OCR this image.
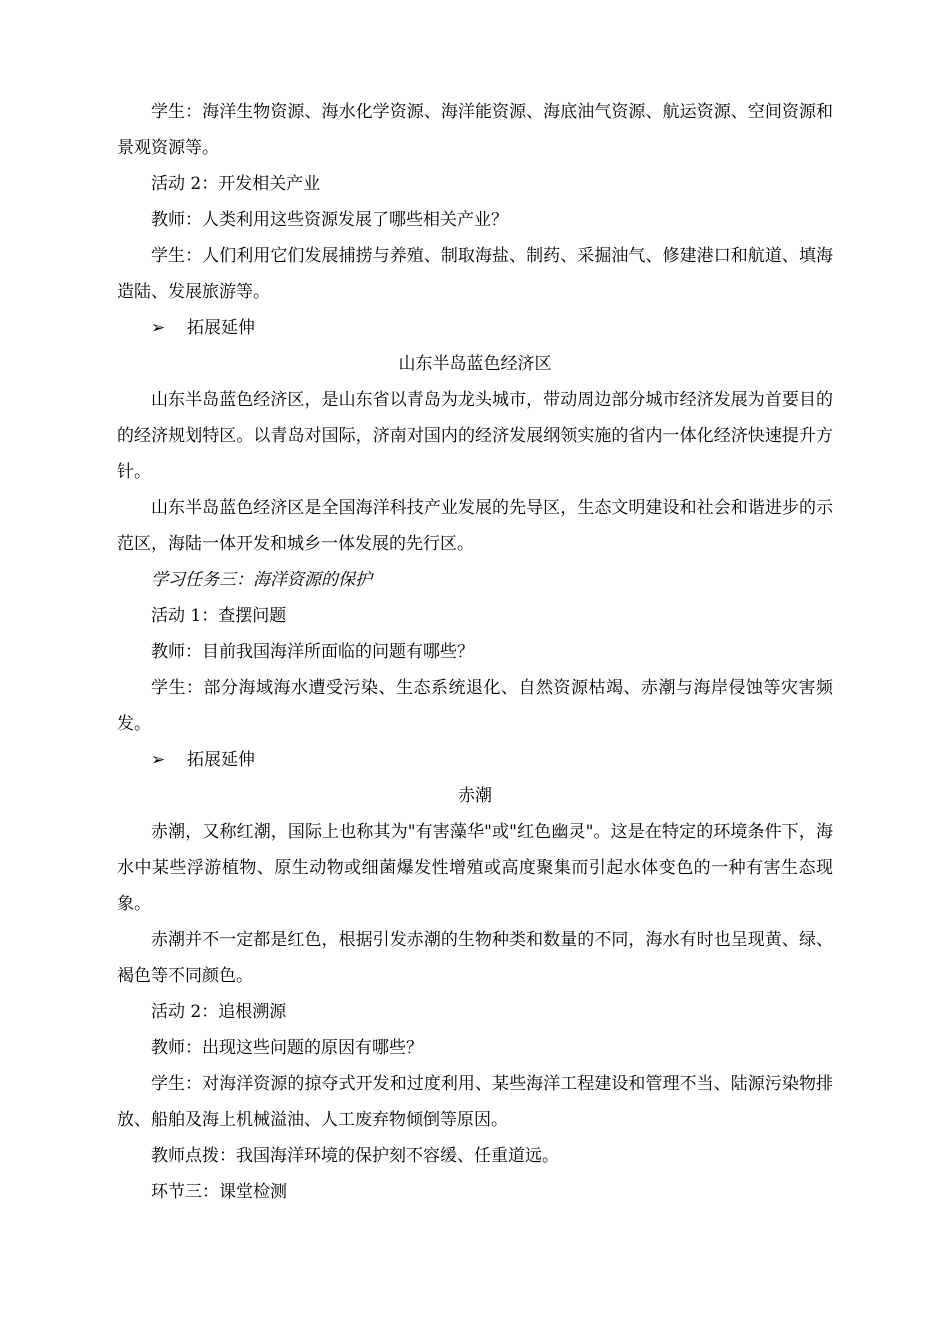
学生：海洋生物资源、海水化学资源、海洋能资源、海底油气资源、航运资源、空间资源和景观资源等。

活动 2：开发相关产业

教师：人类利用这些资源发展了哪些相关产业？

学生：人们利用它们发展捕捞与养殖、制取海盐、制药、采掘油气、修建港口和航道、填海造陆、发展旅游等。

➢ 拓展延伸

山东半岛蓝色经济区

山东半岛蓝色经济区，是山东省以青岛为龙头城市，带动周边部分城市经济发展为首要目的的经济规划特区。以青岛对国际，济南对国内的经济发展纲领实施的省内一体化经济快速提升方针。

山东半岛蓝色经济区是全国海洋科技产业发展的先导区，生态文明建设和社会和谐进步的示范区，海陆一体开发和城乡一体发展的先行区。

学习任务三：海洋资源的保护

活动 1：查摆问题

教师：目前我国海洋所面临的问题有哪些？

学生：部分海域海水遭受污染、生态系统退化、自然资源枯竭、赤潮与海岸侵蚀等灾害频发。

➢ 拓展延伸

赤潮

赤潮，又称红潮，国际上也称其为"有害藻华"或"红色幽灵"。这是在特定的环境条件下，海水中某些浮游植物、原生动物或细菌爆发性增殖或高度聚集而引起水体变色的一种有害生态现象。

赤潮并不一定都是红色，根据引发赤潮的生物种类和数量的不同，海水有时也呈现黄、绿、褐色等不同颜色。

活动 2：追根溯源

教师：出现这些问题的原因有哪些？

学生：对海洋资源的掠夺式开发和过度利用、某些海洋工程建设和管理不当、陆源污染物排放、船舶及海上机械溢油、人工废弃物倾倒等原因。

教师点拨：我国海洋环境的保护刻不容缓、任重道远。

环节三：课堂检测
